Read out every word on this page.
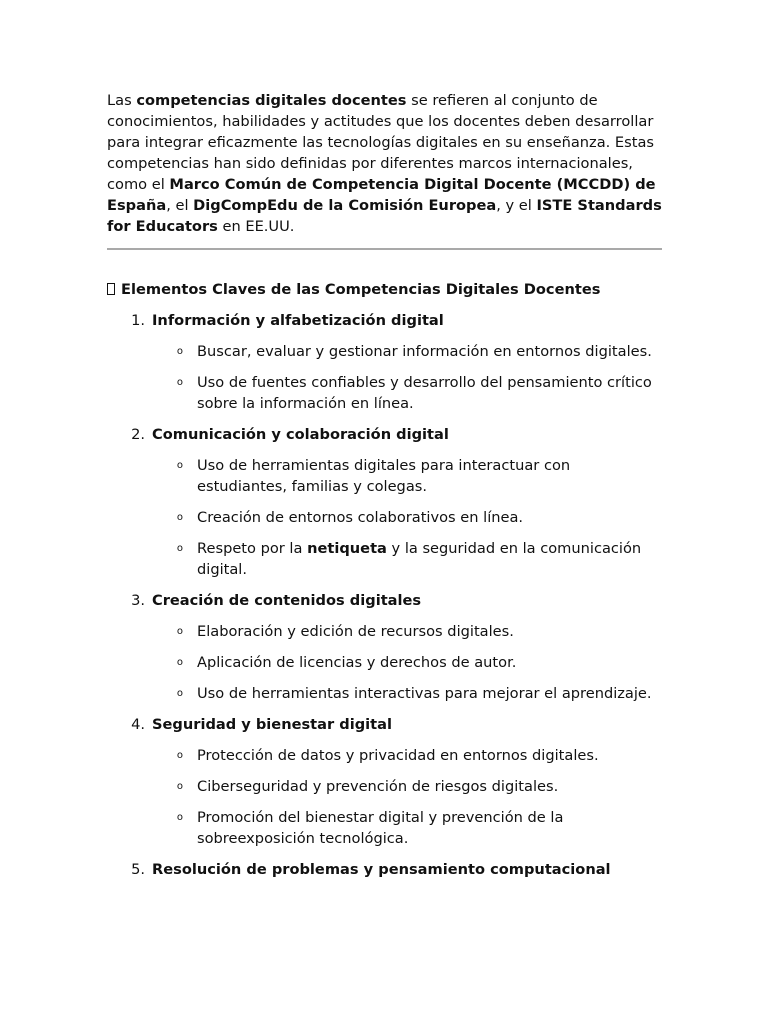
Las competencias digitales docentes se refieren al conjunto de conocimientos, habilidades y actitudes que los docentes deben desarrollar para integrar eficazmente las tecnologías digitales en su enseñanza. Estas competencias han sido definidas por diferentes marcos internacionales, como el Marco Común de Competencia Digital Docente (MCCDD) de España, el DigCompEdu de la Comisión Europea, y el ISTE Standards for Educators en EE.UU.

Elementos Claves de las Competencias Digitales Docentes
1. Información y alfabetización digital
o Buscar, evaluar y gestionar información en entornos digitales.
o Uso de fuentes confiables y desarrollo del pensamiento crítico sobre la información en línea.
2. Comunicación y colaboración digital
o Uso de herramientas digitales para interactuar con estudiantes, familias y colegas.
o Creación de entornos colaborativos en línea.
o Respeto por la netiqueta y la seguridad en la comunicación digital.
3. Creación de contenidos digitales
o Elaboración y edición de recursos digitales.
o Aplicación de licencias y derechos de autor.
o Uso de herramientas interactivas para mejorar el aprendizaje.
4. Seguridad y bienestar digital
o Protección de datos y privacidad en entornos digitales.
o Ciberseguridad y prevención de riesgos digitales.
o Promoción del bienestar digital y prevención de la sobreexposición tecnológica.
5. Resolución de problemas y pensamiento computacional
